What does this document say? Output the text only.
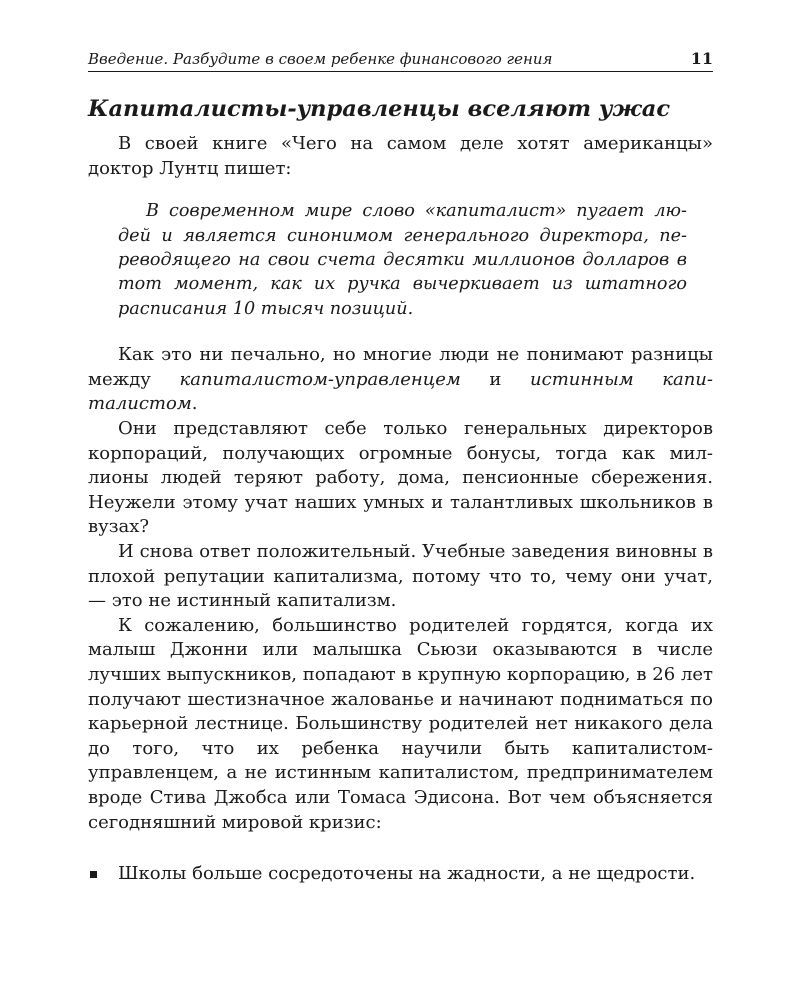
Введение. Разбудите в своем ребенке финансового гения	11
Капиталисты-управленцы вселяют ужас

В своей книге «Чего на самом деле хотят американцы» доктор Лунтц пишет:

В современном мире слово «капиталист» пугает людей и является синонимом генерального директора, переводящего на свои счета десятки миллионов долларов в тот момент, как их ручка вычеркивает из штатного расписания 10 тысяч позиций.

Как это ни печально, но многие люди не понимают разницы между капиталистом-управленцем и истинным капиталистом.

Они представляют себе только генеральных директоров корпораций, получающих огромные бонусы, тогда как миллионы людей теряют работу, дома, пенсионные сбережения. Неужели этому учат наших умных и талантливых школьников в вузах?

И снова ответ положительный. Учебные заведения виновны в плохой репутации капитализма, потому что то, чему они учат, — это не истинный капитализм.

К сожалению, большинство родителей гордятся, когда их малыш Джонни или малышка Сьюзи оказываются в числе лучших выпускников, попадают в крупную корпорацию, в 26 лет получают шестизначное жалованье и начинают подниматься по карьерной лестнице. Большинству родителей нет никакого дела до того, что их ребенка научили быть капиталистом-управленцем, а не истинным капиталистом, предпринимателем вроде Стива Джобса или Томаса Эдисона. Вот чем объясняется сегодняшний мировой кризис:

Школы больше сосредоточены на жадности, а не щедрости.
